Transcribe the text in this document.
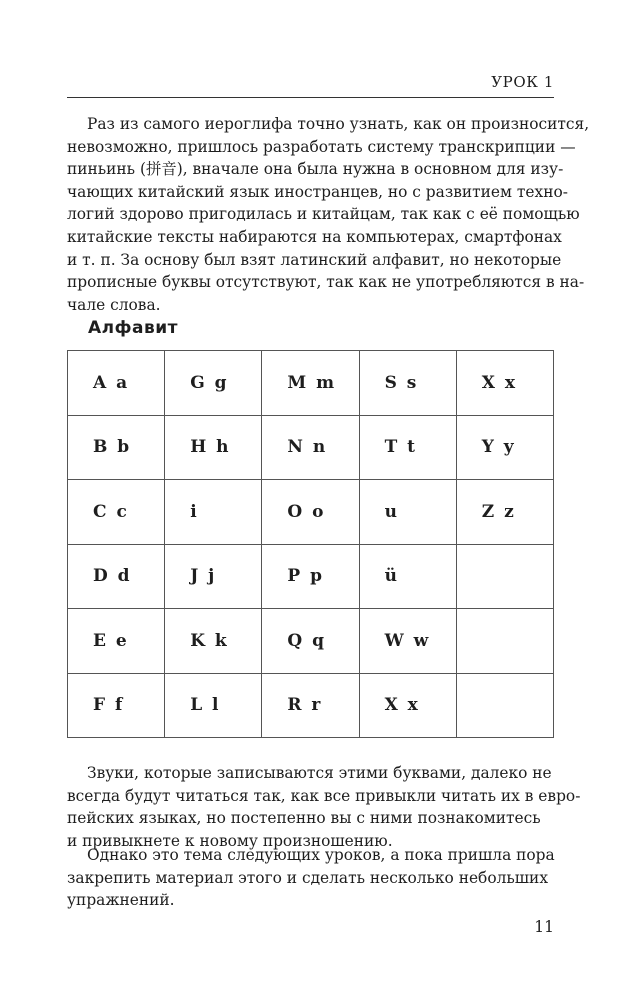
УРОК 1

Раз из самого иероглифа точно узнать, как он произносится,
невозможно, пришлось разработать систему транскрипции —
пиньинь (拼音), вначале она была нужна в основном для изу-
чающих китайский язык иностранцев, но с развитием техно-
логий здорово пригодилась и китайцам, так как с её помощью
китайские тексты набираются на компьютерах, смартфонах
и т. п. За основу был взят латинский алфавит, но некоторые
прописные буквы отсутствуют, так как не употребляются в на-
чале слова.

Алфавит
A a	G g	M m	S s	X x
B b	H h	N n	T t	Y y
C c	i	O o	u	Z z
D d	J j	P p	ü	
E e	K k	Q q	W w	
F f	L l	R r	X x	

Звуки, которые записываются этими буквами, далеко не
всегда будут читаться так, как все привыкли читать их в евро-
пейских языках, но постепенно вы с ними познакомитесь
и привыкнете к новому произношению.

Однако это тема следующих уроков, а пока пришла пора
закрепить материал этого и сделать несколько небольших
упражнений.

11
